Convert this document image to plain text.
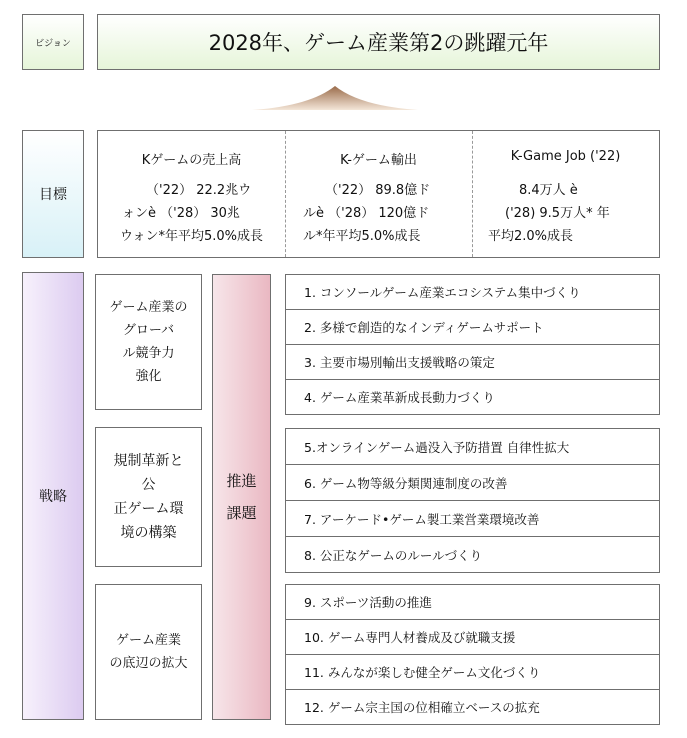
ビジョン	2028年、ゲーム産業第2の跳躍元年
目標
Kゲームの売上高
（'22） 22.2兆ウ
ォンè （'28） 30兆
ウォン*年平均5.0%成長
K-ゲーム輸出
（'22） 89.8億ド
ルè （'28） 120億ド
ル*年平均5.0%成長
K-Game Job ('22)
8.4万人 è
('28) 9.5万人* 年
平均2.0%成長
戦略
ゲーム産業の
グローバ
ル競争力
強化
規制革新と
公
正ゲーム環
境の構築
ゲーム産業
の底辺の拡大
推進
課題
1. コンソールゲーム産業エコシステム集中づくり
2. 多様で創造的なインディゲームサポート
3. 主要市場別輸出支援戦略の策定
4. ゲーム産業革新成長動力づくり
5.オンラインゲーム過没入予防措置 自律性拡大
6. ゲーム物等級分類関連制度の改善
7. アーケード•ゲーム製工業営業環境改善
8. 公正なゲームのルールづくり
9. スポーツ活動の推進
10. ゲーム専門人材養成及び就職支援
11. みんなが楽しむ健全ゲーム文化づくり
12. ゲーム宗主国の位相確立ベースの拡充
